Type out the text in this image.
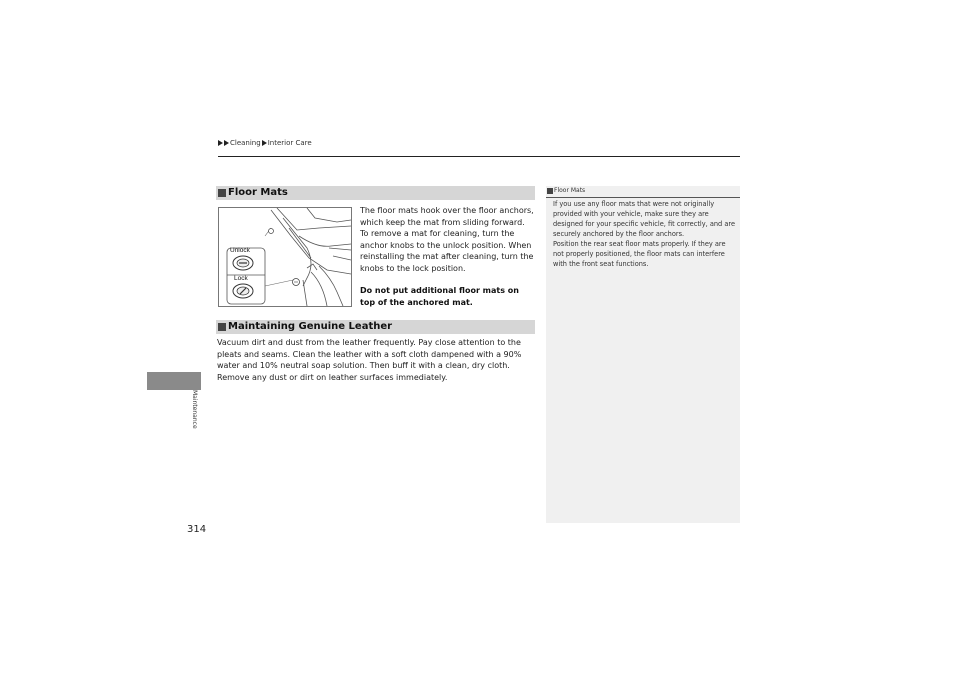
Cleaning Interior Care
Floor Mats
Unlock
Lock
The floor mats hook over the floor anchors, which keep the mat from sliding forward. To remove a mat for cleaning, turn the anchor knobs to the unlock position. When reinstalling the mat after cleaning, turn the knobs to the lock position.
Do not put additional floor mats on top of the anchored mat.
Maintaining Genuine Leather
Vacuum dirt and dust from the leather frequently. Pay close attention to the pleats and seams. Clean the leather with a soft cloth dampened with a 90% water and 10% neutral soap solution. Then buff it with a clean, dry cloth. Remove any dust or dirt on leather surfaces immediately.
Floor Mats
If you use any floor mats that were not originally provided with your vehicle, make sure they are designed for your specific vehicle, fit correctly, and are securely anchored by the floor anchors.
Position the rear seat floor mats properly. If they are not properly positioned, the floor mats can interfere with the front seat functions.
Maintenance
314
